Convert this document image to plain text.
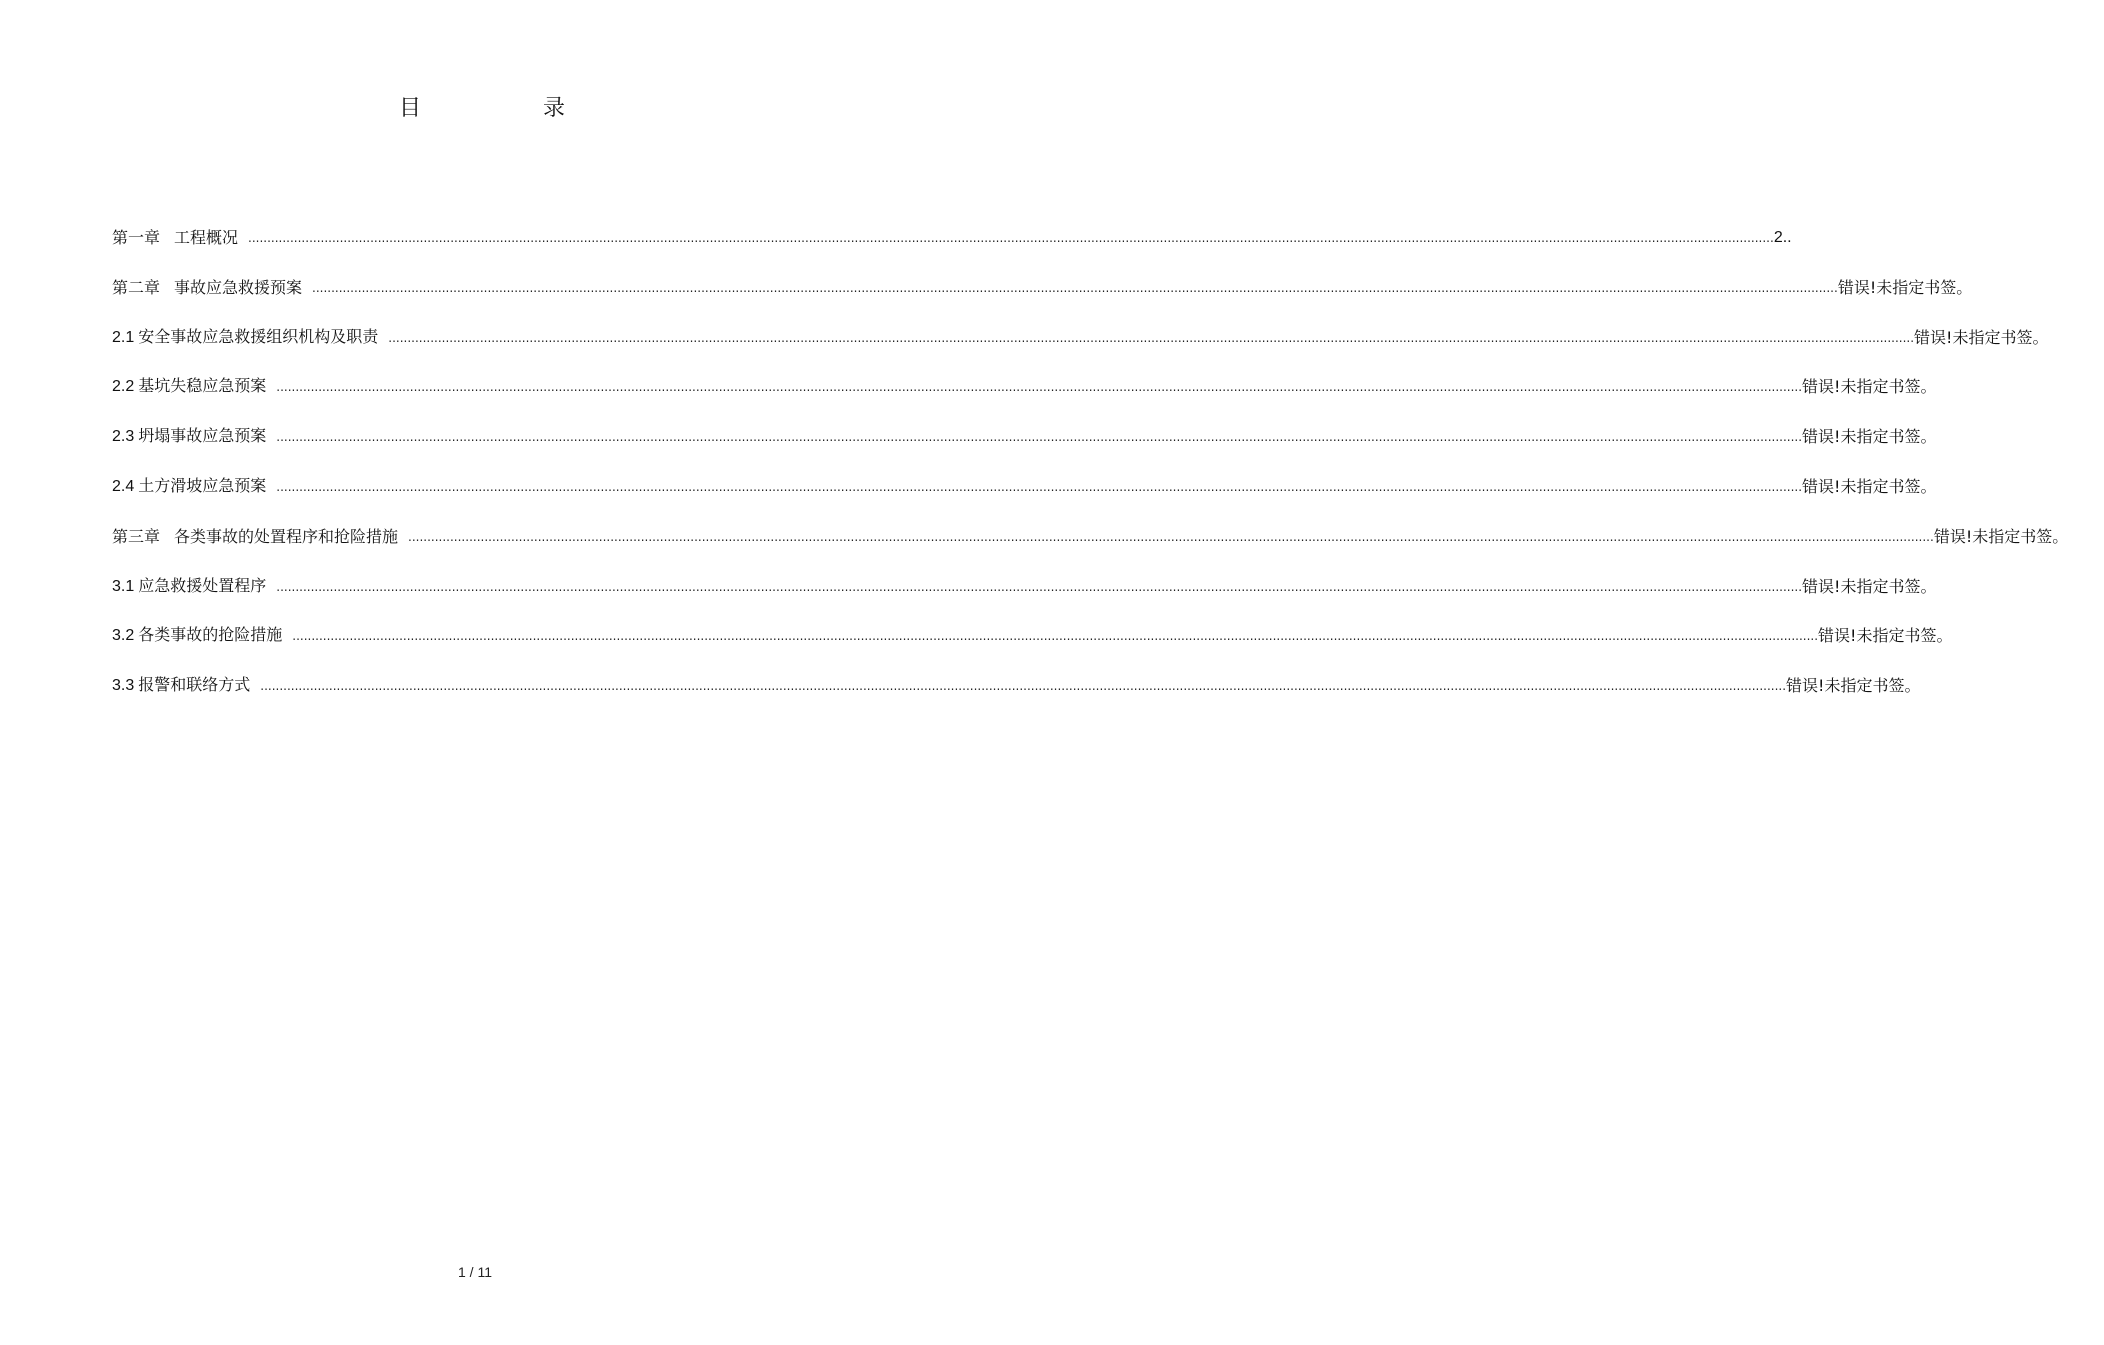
目	录
第一章 工程概况 ................................................................................................................................................................................................................................................................................................................................................................................................................ 2..
第二章 事故应急救援预案 ................................................................................................................................................................................................................................................................................................................................................................................................................ 错误!未指定书签。
2.1 安全事故应急救援组织机构及职责 ................................................................................................................................................................................................................................................................................................................................................................................................................ 错误!未指定书签。
2.2 基坑失稳应急预案 ................................................................................................................................................................................................................................................................................................................................................................................................................ 错误!未指定书签。
2.3 坍塌事故应急预案 ................................................................................................................................................................................................................................................................................................................................................................................................................ 错误!未指定书签。
2.4 土方滑坡应急预案 ................................................................................................................................................................................................................................................................................................................................................................................................................ 错误!未指定书签。
第三章 各类事故的处置程序和抢险措施 ................................................................................................................................................................................................................................................................................................................................................................................................................ 错误!未指定书签。
3.1 应急救援处置程序 ................................................................................................................................................................................................................................................................................................................................................................................................................ 错误!未指定书签。
3.2 各类事故的抢险措施 ................................................................................................................................................................................................................................................................................................................................................................................................................ 错误!未指定书签。
3.3 报警和联络方式 ................................................................................................................................................................................................................................................................................................................................................................................................................ 错误!未指定书签。
1 / 11
